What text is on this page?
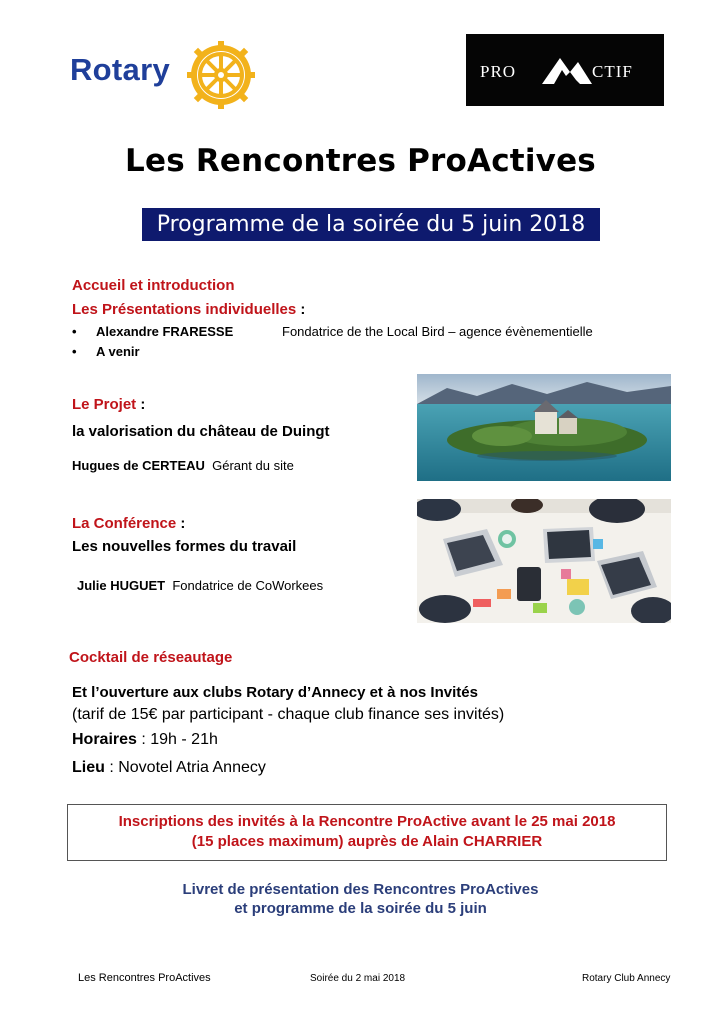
Rotary	PRO	CTIF
Les Rencontres ProActives
Programme de la soirée du 5 juin 2018
Accueil et introduction
Les Présentations individuelles :
• Alexandre FRARESSE	Fondatrice de the Local Bird – agence évènementielle
• A venir
Le Projet :
la valorisation du château de Duingt
Hugues de CERTEAU Gérant du site
La Conférence :
Les nouvelles formes du travail
Julie HUGUET Fondatrice de CoWorkees
Cocktail de réseautage
Et l’ouverture aux clubs Rotary d’Annecy et à nos Invités
(tarif de 15€ par participant - chaque club finance ses invités)
Horaires : 19h - 21h
Lieu : Novotel Atria Annecy
Inscriptions des invités à la Rencontre ProActive avant le 25 mai 2018
(15 places maximum) auprès de Alain CHARRIER
Livret de présentation des Rencontres ProActives
et programme de la soirée du 5 juin
Les Rencontres ProActives	Soirée du 2 mai 2018	Rotary Club Annecy
